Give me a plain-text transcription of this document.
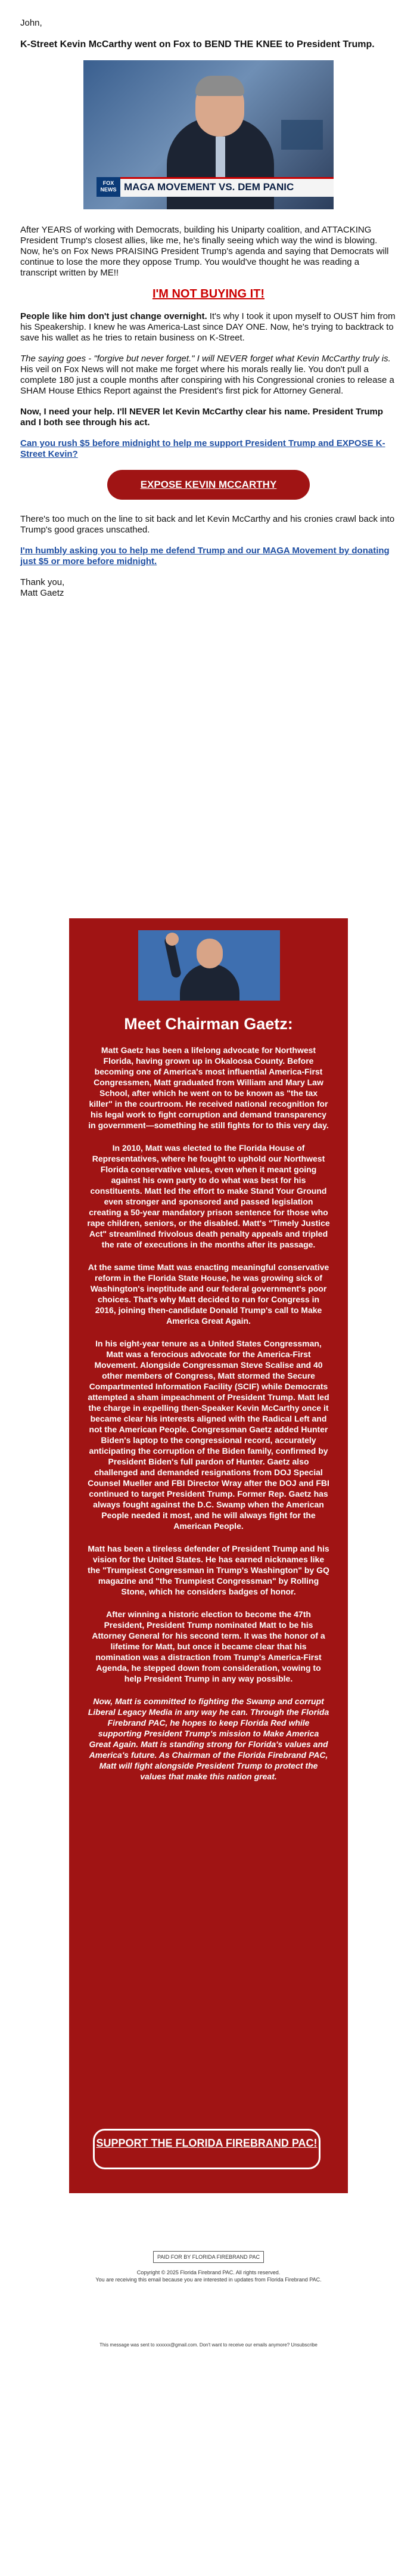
John,

K-Street Kevin McCarthy went on Fox to BEND THE KNEE to President Trump.

FOX NEWS MAGA MOVEMENT VS. DEM PANIC

After YEARS of working with Democrats, building his Uniparty coalition, and ATTACKING President Trump's closest allies, like me, he's finally seeing which way the wind is blowing. Now, he's on Fox News PRAISING President Trump's agenda and saying that Democrats will continue to lose the more they oppose Trump. You would've thought he was reading a transcript written by ME!!

I'M NOT BUYING IT!

People like him don't just change overnight. It's why I took it upon myself to OUST him from his Speakership. I knew he was America-Last since DAY ONE. Now, he's trying to backtrack to save his wallet as he tries to retain business on K-Street.

The saying goes - "forgive but never forget." I will NEVER forget what Kevin McCarthy truly is. His veil on Fox News will not make me forget where his morals really lie. You don't pull a complete 180 just a couple months after conspiring with his Congressional cronies to release a SHAM House Ethics Report against the President's first pick for Attorney General.

Now, I need your help. I'll NEVER let Kevin McCarthy clear his name. President Trump and I both see through his act.

Can you rush $5 before midnight to help me support President Trump and EXPOSE K-Street Kevin?

EXPOSE KEVIN MCCARTHY

There's too much on the line to sit back and let Kevin McCarthy and his cronies crawl back into Trump's good graces unscathed.

I'm humbly asking you to help me defend Trump and our MAGA Movement by donating just $5 or more before midnight.

Thank you,
Matt Gaetz

Meet Chairman Gaetz:

Matt Gaetz has been a lifelong advocate for Northwest Florida, having grown up in Okaloosa County. Before becoming one of America's most influential America-First Congressmen, Matt graduated from William and Mary Law School, after which he went on to be known as "the tax killer" in the courtroom. He received national recognition for his legal work to fight corruption and demand transparency in government—something he still fights for to this very day.

In 2010, Matt was elected to the Florida House of Representatives, where he fought to uphold our Northwest Florida conservative values, even when it meant going against his own party to do what was best for his constituents. Matt led the effort to make Stand Your Ground even stronger and sponsored and passed legislation creating a 50-year mandatory prison sentence for those who rape children, seniors, or the disabled. Matt's "Timely Justice Act" streamlined frivolous death penalty appeals and tripled the rate of executions in the months after its passage.

At the same time Matt was enacting meaningful conservative reform in the Florida State House, he was growing sick of Washington's ineptitude and our federal government's poor choices. That's why Matt decided to run for Congress in 2016, joining then-candidate Donald Trump's call to Make America Great Again.

In his eight-year tenure as a United States Congressman, Matt was a ferocious advocate for the America-First Movement. Alongside Congressman Steve Scalise and 40 other members of Congress, Matt stormed the Secure Compartmented Information Facility (SCIF) while Democrats attempted a sham impeachment of President Trump. Matt led the charge in expelling then-Speaker Kevin McCarthy once it became clear his interests aligned with the Radical Left and not the American People. Congressman Gaetz added Hunter Biden's laptop to the congressional record, accurately anticipating the corruption of the Biden family, confirmed by President Biden's full pardon of Hunter. Gaetz also challenged and demanded resignations from DOJ Special Counsel Mueller and FBI Director Wray after the DOJ and FBI continued to target President Trump. Former Rep. Gaetz has always fought against the D.C. Swamp when the American People needed it most, and he will always fight for the American People.

Matt has been a tireless defender of President Trump and his vision for the United States. He has earned nicknames like the "Trumpiest Congressman in Trump's Washington" by GQ magazine and "the Trumpiest Congressman" by Rolling Stone, which he considers badges of honor.

After winning a historic election to become the 47th President, President Trump nominated Matt to be his Attorney General for his second term. It was the honor of a lifetime for Matt, but once it became clear that his nomination was a distraction from Trump's America-First Agenda, he stepped down from consideration, vowing to help President Trump in any way possible.

Now, Matt is committed to fighting the Swamp and corrupt Liberal Legacy Media in any way he can. Through the Florida Firebrand PAC, he hopes to keep Florida Red while supporting President Trump's mission to Make America Great Again. Matt is standing strong for Florida's values and America's future. As Chairman of the Florida Firebrand PAC, Matt will fight alongside President Trump to protect the values that make this nation great.

SUPPORT THE FLORIDA FIREBRAND PAC!
PAID FOR BY FLORIDA FIREBRAND PAC
Copyright © 2025 Florida Firebrand PAC. All rights reserved.
You are receiving this email because you are interested in updates from Florida Firebrand PAC.
This message was sent to xxxxxx@gmail.com. Don't want to receive our emails anymore? Unsubscribe
